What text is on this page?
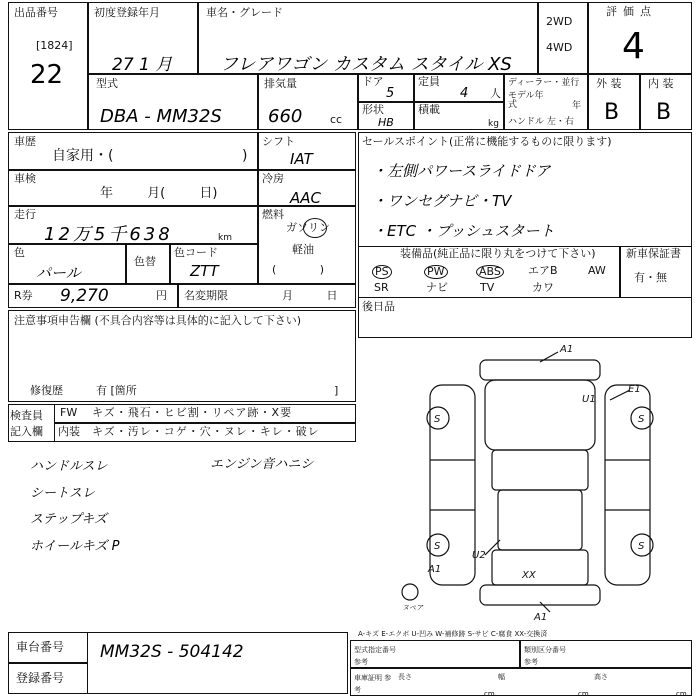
出品番号
[1824]
22
初度登録年月
27 1 月
車名・グレード
フレアワゴン カスタム スタイル XS
2WD
4WD
評価点
4
型式
DBA - MM32S
排気量
660	cc
ドア
5
定員
4 人
形状
HB
積載
kg
ディーラー・並行
モデル年式	年
ハンドル 左・右
外 装
B
内 装
B
車歴
自家用・(	)
シフト
IAT
車検
年 月( 日)
冷房
AAC
走行
12万5千638	km
燃料
ガソリン
軽油
( )
色
パール
色替
色コード
ZTT
R券 9,270	円 名変期限	月 日
セールスポイント(正常に機能するものに限ります)
・左側パワースライドドア
・ワンセグナビ・TV
・ETC ・プッシュスタート
装備品(純正品に限り丸をつけて下さい)	新車保証書
有・無
PS	PW	ABS エアB	AW
SR	ナビ	TV	カワ
後日品
注意事項申告欄 (不具合内容等は具体的に記入して下さい)
修復歴	有 [箇所	]
検査員記入欄
FW キズ・飛石・ヒビ割・リペア跡・X要
内装 キズ・汚レ・コゲ・穴・ヌレ・キレ・破レ
ハンドルスレ
シートスレ
ステップキズ
ホイールキズ P
エンジン音ハニシ
A1
U1
E1
S	S
S	S
A1
U2
XX
A1
ヌペア
A-キズ E-エクボ U-凹み W-補修跡 S-サビ C-腐食 XX-交換済
車台番号 MM32S - 504142
登録番号
型式指定番号 参考
類別区分番号 参考
車庫証明 参考
長さ
cm
幅
cm
高さ
cm
